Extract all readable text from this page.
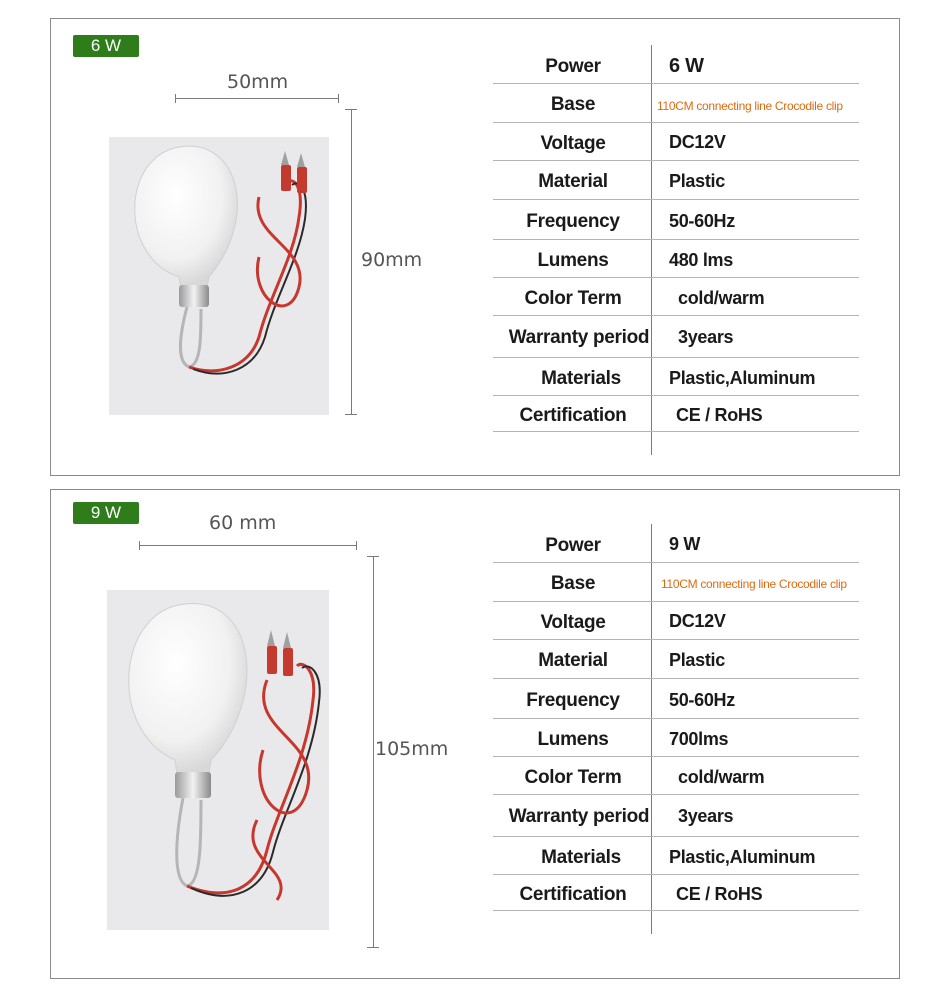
6 W
50mm
90mm
Power	6 W
Base	110CM connecting line Crocodile clip
Voltage	DC12V
Material	Plastic
Frequency	50-60Hz
Lumens	480 lms
Color Term	cold/warm
Warranty period	3years
Materials	Plastic,Aluminum
Certification	CE / RoHS
9 W	60 mm
105mm
Power	9 W
Base	110CM connecting line Crocodile clip
Voltage	DC12V
Material	Plastic
Frequency	50-60Hz
Lumens	700lms
Color Term	cold/warm
Warranty period	3years
Materials	Plastic,Aluminum
Certification	CE / RoHS
